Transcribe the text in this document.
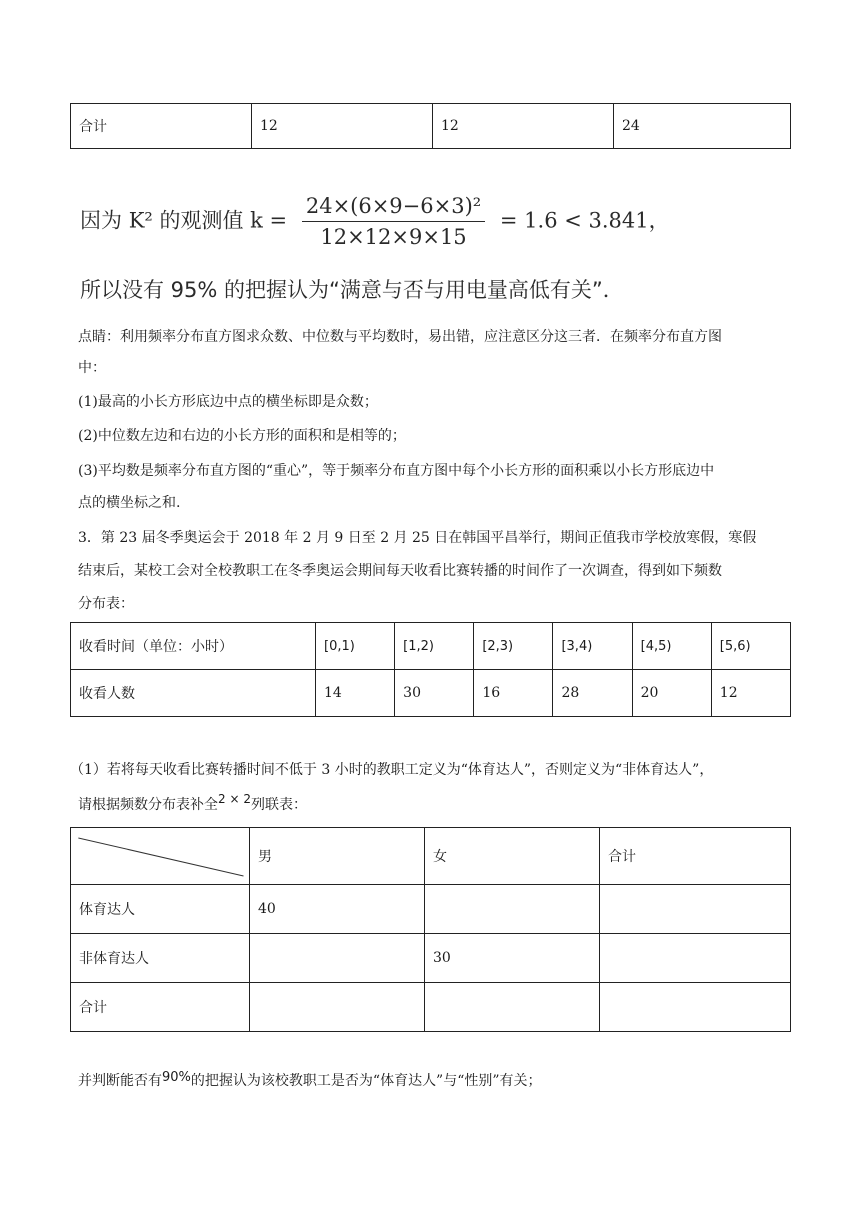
合计	12	12	24
因为 K² 的观测值 $k = \frac{\text{24×(6×9−6×3)²}}{12\times 12\times 9\times 15} = 1.6 < 3.841$，
所以没有 95% 的把握认为“满意与否与用电量高低有关”．
点睛：利用频率分布直方图求众数、中位数与平均数时，易出错，应注意区分这三者．在频率分布直方图
中：
(1)最高的小长方形底边中点的横坐标即是众数；
(2)中位数左边和右边的小长方形的面积和是相等的；
(3)平均数是频率分布直方图的“重心”，等于频率分布直方图中每个小长方形的面积乘以小长方形底边中
点的横坐标之和.
3．第 23 届冬季奥运会于 2018 年 2 月 9 日至 2 月 25 日在韩国平昌举行，期间正值我市学校放寒假，寒假
结束后，某校工会对全校教职工在冬季奥运会期间每天收看比赛转播的时间作了一次调查，得到如下频数
分布表：
收看时间（单位：小时）	[0,1)	[1,2)	[2,3)	[3,4)	[4,5)	[5,6)
收看人数	14	30	16	28	20	12
（1）若将每天收看比赛转播时间不低于 3 小时的教职工定义为“体育达人”，否则定义为“非体育达人”，
请根据频数分布表补全2 × 2列联表：
	男	女	合计
体育达人	40		
非体育达人		30	
合计			
并判断能否有90%的把握认为该校教职工是否为“体育达人”与“性别”有关；
